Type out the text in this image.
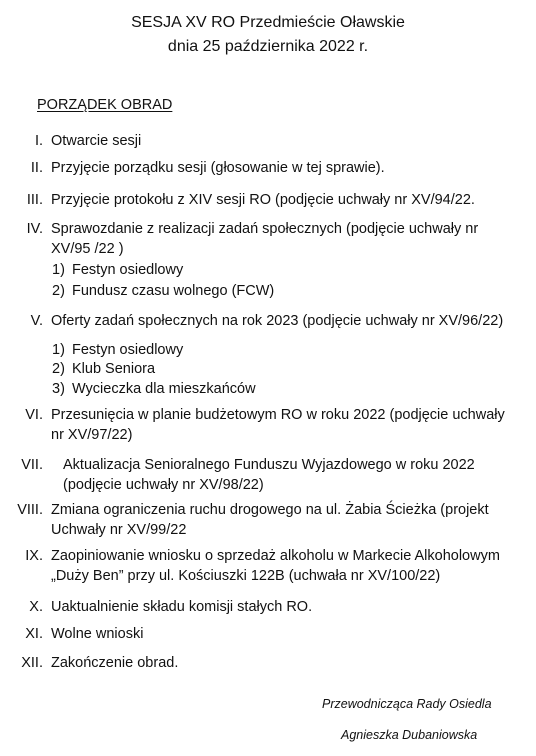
SESJA XV RO Przedmieście Oławskie
dnia 25 października 2022 r.
PORZĄDEK OBRAD
I. Otwarcie sesji
II. Przyjęcie porządku sesji (głosowanie w tej sprawie).
III. Przyjęcie protokołu z XIV sesji RO (podjęcie uchwały nr XV/94/22.
IV. Sprawozdanie z realizacji zadań społecznych (podjęcie uchwały nr
XV/95 /22 )
1) Festyn osiedlowy
2) Fundusz czasu wolnego (FCW)
V. Oferty zadań społecznych na rok 2023 (podjęcie uchwały nr XV/96/22)
1) Festyn osiedlowy
2) Klub Seniora
3) Wycieczka dla mieszkańców
VI. Przesunięcia w planie budżetowym RO w roku 2022 (podjęcie uchwały
nr XV/97/22)
VII. Aktualizacja Senioralnego Funduszu Wyjazdowego w roku 2022
(podjęcie uchwały nr XV/98/22)
VIII. Zmiana ograniczenia ruchu drogowego na ul. Żabia Ścieżka (projekt
Uchwały nr XV/99/22
IX. Zaopiniowanie wniosku o sprzedaż alkoholu w Markecie Alkoholowym
„Duży Ben” przy ul. Kościuszki 122B (uchwała nr XV/100/22)
X. Uaktualnienie składu komisji stałych RO.
XI. Wolne wnioski
XII. Zakończenie obrad.
Przewodnicząca Rady Osiedla
Agnieszka Dubaniowska
